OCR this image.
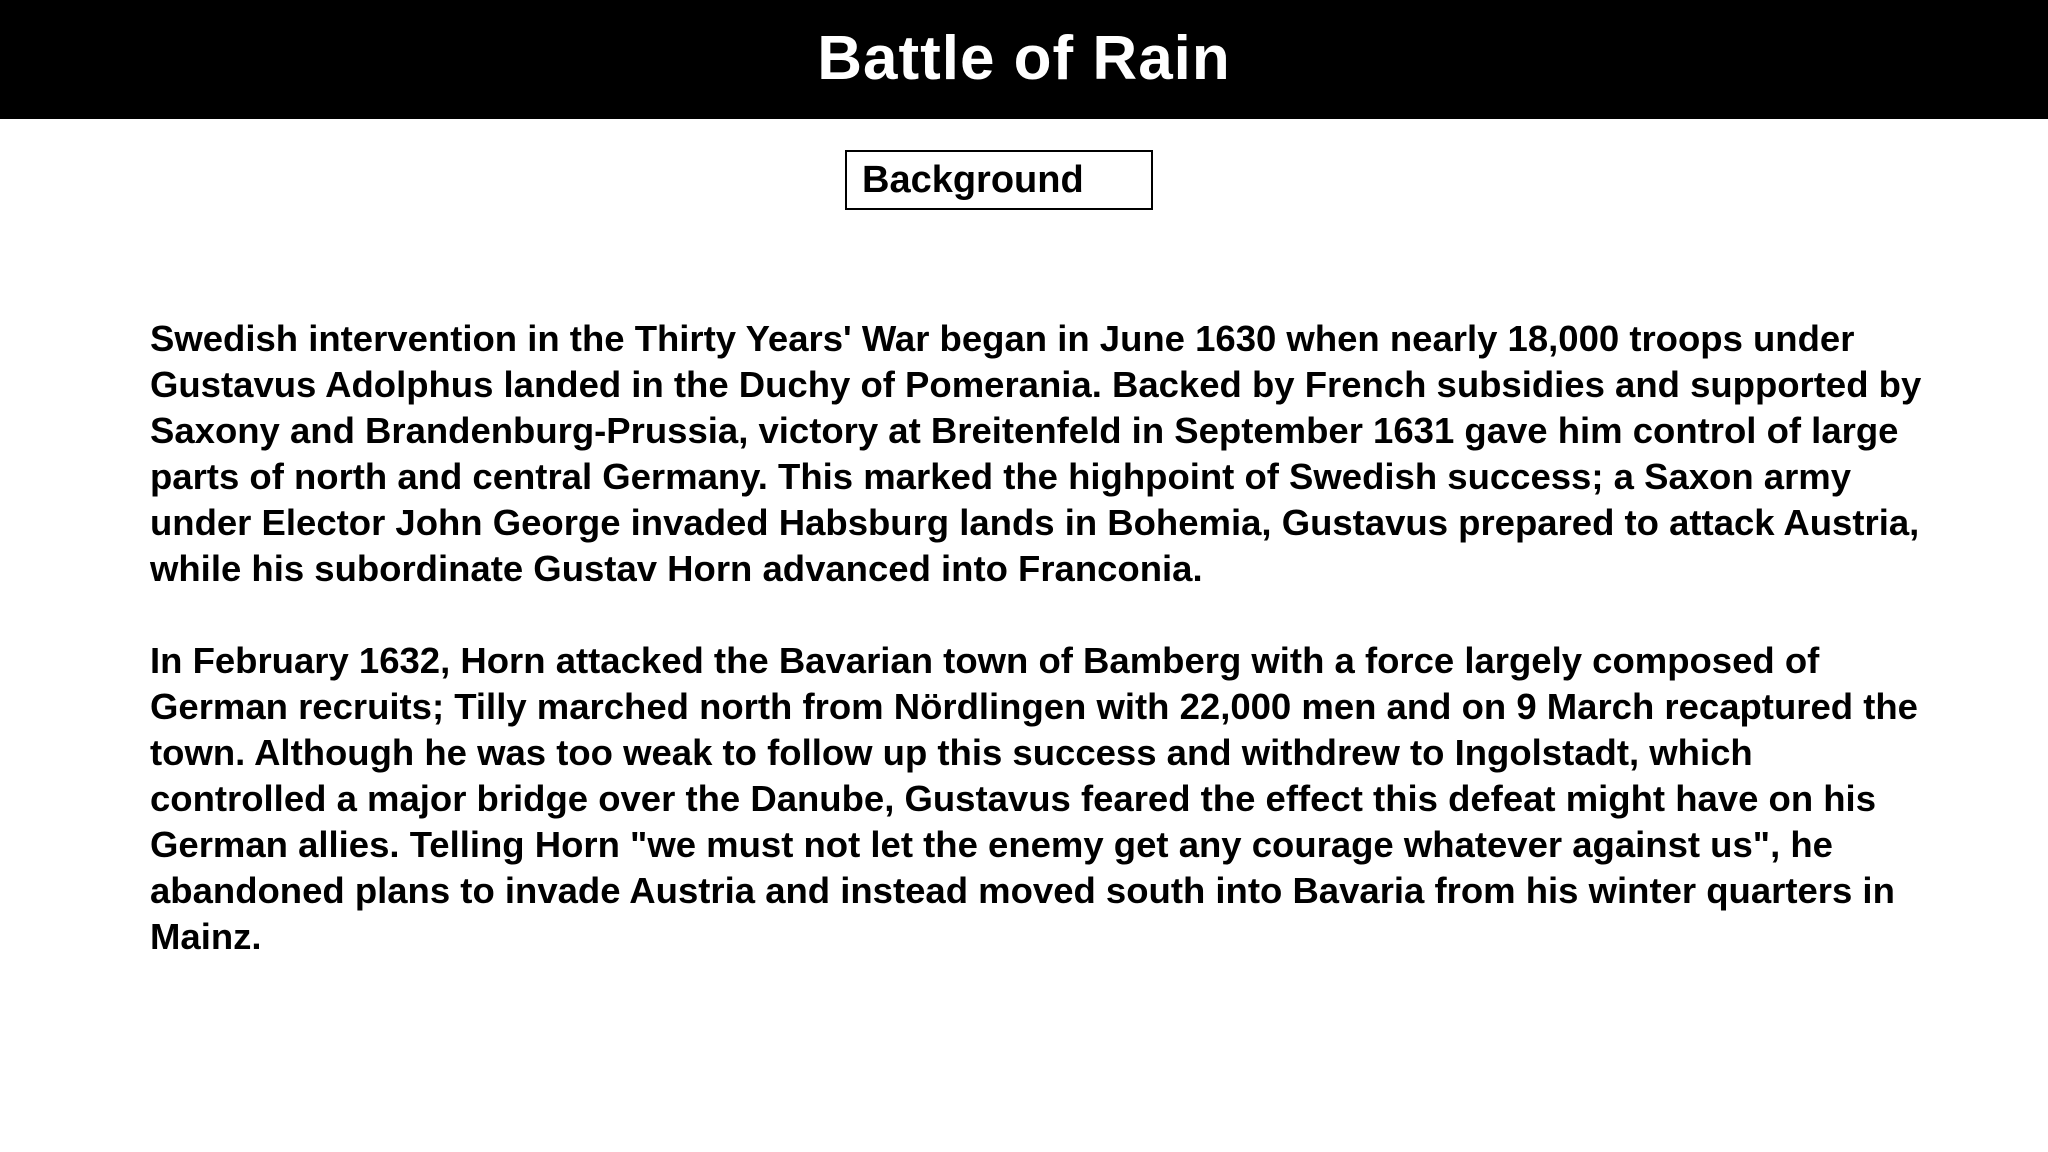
Battle of Rain
Background

Swedish intervention in the Thirty Years' War began in June 1630 when nearly 18,000 troops under Gustavus Adolphus landed in the Duchy of Pomerania. Backed by French subsidies and supported by Saxony and Brandenburg-Prussia, victory at Breitenfeld in September 1631 gave him control of large parts of north and central Germany. This marked the highpoint of Swedish success; a Saxon army under Elector John George invaded Habsburg lands in Bohemia, Gustavus prepared to attack Austria, while his subordinate Gustav Horn advanced into Franconia.

In February 1632, Horn attacked the Bavarian town of Bamberg with a force largely composed of German recruits; Tilly marched north from Nördlingen with 22,000 men and on 9 March recaptured the town. Although he was too weak to follow up this success and withdrew to Ingolstadt, which controlled a major bridge over the Danube, Gustavus feared the effect this defeat might have on his German allies. Telling Horn "we must not let the enemy get any courage whatever against us", he abandoned plans to invade Austria and instead moved south into Bavaria from his winter quarters in Mainz.
